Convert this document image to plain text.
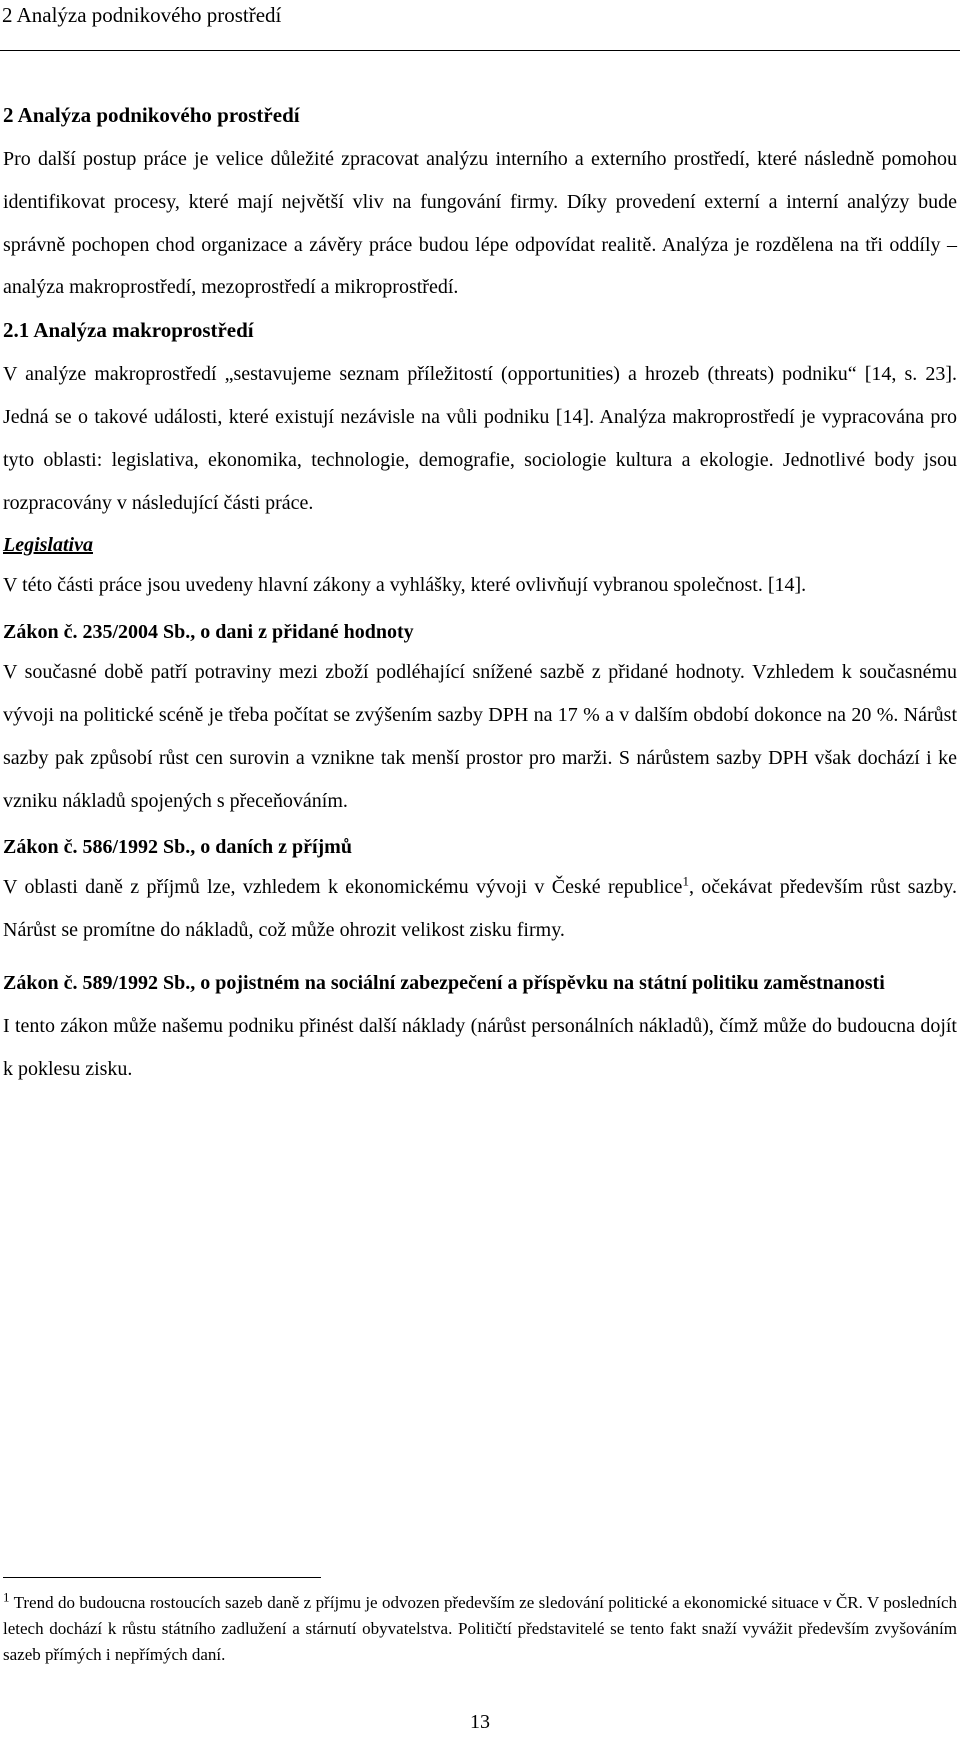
2 Analýza podnikového prostředí

2 Analýza podnikového prostředí

Pro další postup práce je velice důležité zpracovat analýzu interního a externího prostředí, které následně pomohou identifikovat procesy, které mají největší vliv na fungování firmy. Díky provedení externí a interní analýzy bude správně pochopen chod organizace a závěry práce budou lépe odpovídat realitě. Analýza je rozdělena na tři oddíly – analýza makroprostředí, mezoprostředí a mikroprostředí.

2.1 Analýza makroprostředí

V analýze makroprostředí „sestavujeme seznam příležitostí (opportunities) a hrozeb (threats) podniku“ [14, s. 23]. Jedná se o takové události, které existují nezávisle na vůli podniku [14]. Analýza makroprostředí je vypracována pro tyto oblasti: legislativa, ekonomika, technologie, demografie, sociologie kultura a ekologie. Jednotlivé body jsou rozpracovány v následující části práce.

Legislativa

V této části práce jsou uvedeny hlavní zákony a vyhlášky, které ovlivňují vybranou společnost. [14].

Zákon č. 235/2004 Sb., o dani z přidané hodnoty

V současné době patří potraviny mezi zboží podléhající snížené sazbě z přidané hodnoty. Vzhledem k současnému vývoji na politické scéně je třeba počítat se zvýšením sazby DPH na 17 % a v dalším období dokonce na 20 %. Nárůst sazby pak způsobí růst cen surovin a vznikne tak menší prostor pro marži. S nárůstem sazby DPH však dochází i ke vzniku nákladů spojených s přeceňováním.

Zákon č. 586/1992 Sb., o daních z příjmů

V oblasti daně z příjmů lze, vzhledem k ekonomickému vývoji v České republice$^1$, očekávat především růst sazby. Nárůst se promítne do nákladů, což může ohrozit velikost zisku firmy.

Zákon č. 589/1992 Sb., o pojistném na sociální zabezpečení a příspěvku na státní politiku zaměstnanosti

I tento zákon může našemu podniku přinést další náklady (nárůst personálních nákladů), čímž může do budoucna dojít k poklesu zisku.

$^1$ Trend do budoucna rostoucích sazeb daně z příjmu je odvozen především ze sledování politické a ekonomické situace v ČR. V posledních letech dochází k růstu státního zadlužení a stárnutí obyvatelstva. Političtí představitelé se tento fakt snaží vyvážit především zvyšováním sazeb přímých i nepřímých daní.

13
